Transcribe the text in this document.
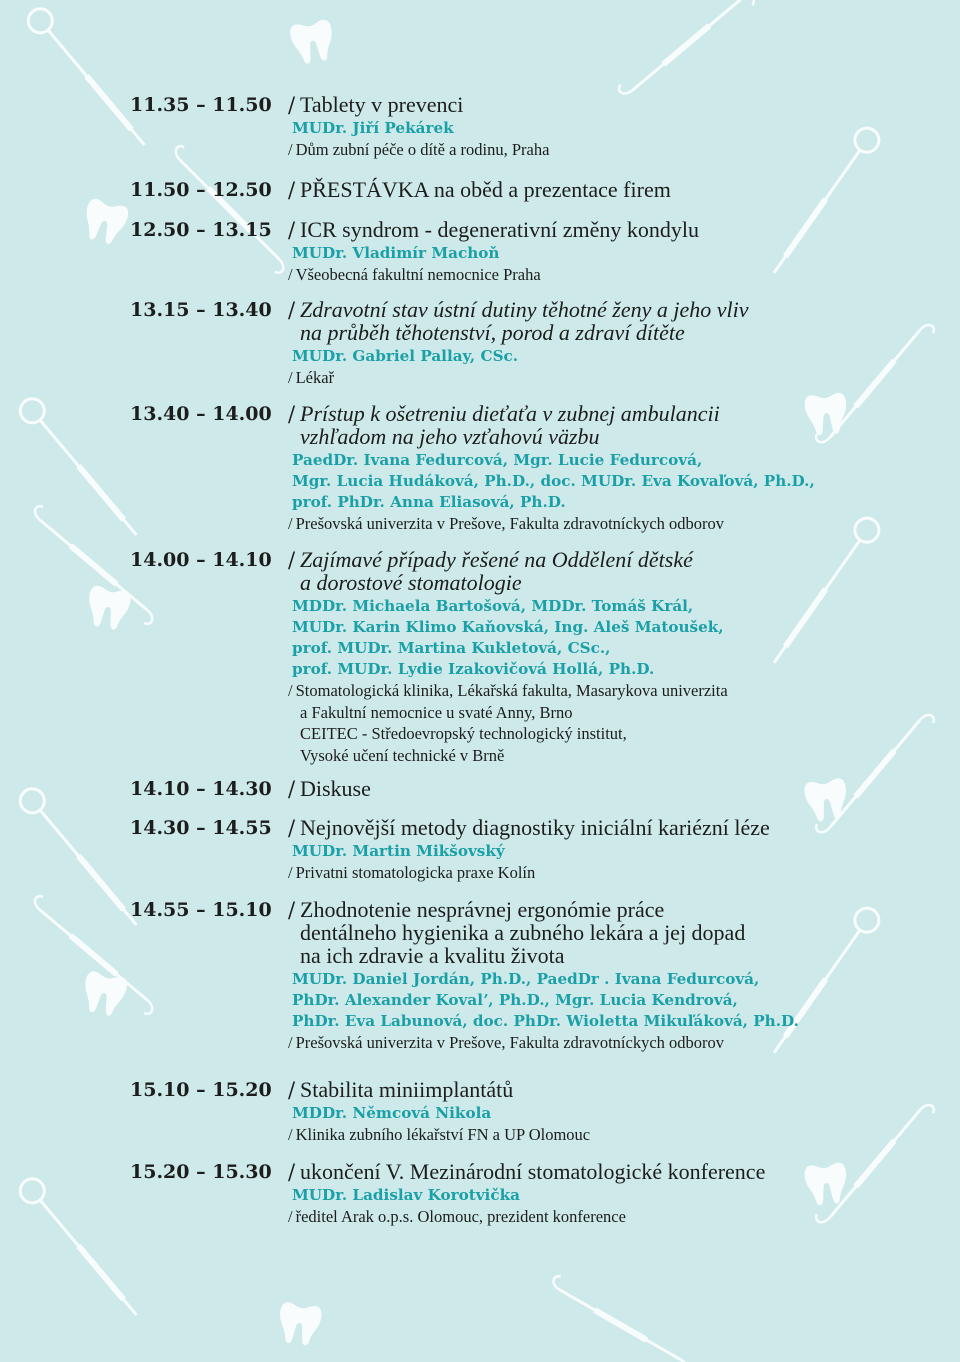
11.35 – 11.50 / Tablety v prevenci
MUDr. Jiří Pekárek
/ Dům zubní péče o dítě a rodinu, Praha
11.50 – 12.50 / PŘESTÁVKA na oběd a prezentace firem
12.50 – 13.15 / ICR syndrom - degenerativní změny kondylu
MUDr. Vladimír Machoň
/ Všeobecná fakultní nemocnice Praha
13.15 – 13.40 / Zdravotní stav ústní dutiny těhotné ženy a jeho vliv
na průběh těhotenství, porod a zdraví dítěte
MUDr. Gabriel Pallay, CSc.
/ Lékař
13.40 – 14.00 / Prístup k ošetreniu dieťaťa v zubnej ambulancii
vzhľadom na jeho vzťahovú väzbu
PaedDr. Ivana Fedurcová, Mgr. Lucie Fedurcová,
Mgr. Lucia Hudáková, Ph.D., doc. MUDr. Eva Kovaľová, Ph.D.,
prof. PhDr. Anna Eliasová, Ph.D.
/ Prešovská univerzita v Prešove, Fakulta zdravotníckych odborov
14.00 – 14.10 / Zajímavé případy řešené na Oddělení dětské
a dorostové stomatologie
MDDr. Michaela Bartošová, MDDr. Tomáš Král,
MUDr. Karin Klimo Kaňovská, Ing. Aleš Matoušek,
prof. MUDr. Martina Kukletová, CSc.,
prof. MUDr. Lydie Izakovičová Hollá, Ph.D.
/ Stomatologická klinika, Lékařská fakulta, Masarykova univerzita
a Fakultní nemocnice u svaté Anny, Brno
CEITEC - Středoevropský technologický institut,
Vysoké učení technické v Brně
14.10 – 14.30 / Diskuse
14.30 – 14.55 / Nejnovější metody diagnostiky iniciální kariézní léze
MUDr. Martin Mikšovský
/ Privatni stomatologicka praxe Kolín
14.55 – 15.10 / Zhodnotenie nesprávnej ergonómie práce
dentálneho hygienika a zubného lekára a jej dopad
na ich zdravie a kvalitu života
MUDr. Daniel Jordán, Ph.D., PaedDr . Ivana Fedurcová,
PhDr. Alexander Kovalʼ, Ph.D., Mgr. Lucia Kendrová,
PhDr. Eva Labunová, doc. PhDr. Wioletta Mikuľáková, Ph.D.
/ Prešovská univerzita v Prešove, Fakulta zdravotníckych odborov
15.10 – 15.20 / Stabilita miniimplantátů
MDDr. Němcová Nikola
/ Klinika zubního lékařství FN a UP Olomouc
15.20 – 15.30 / ukončení V. Mezinárodní stomatologické konference
MUDr. Ladislav Korotvička
/ ředitel Arak o.p.s. Olomouc, prezident konference
